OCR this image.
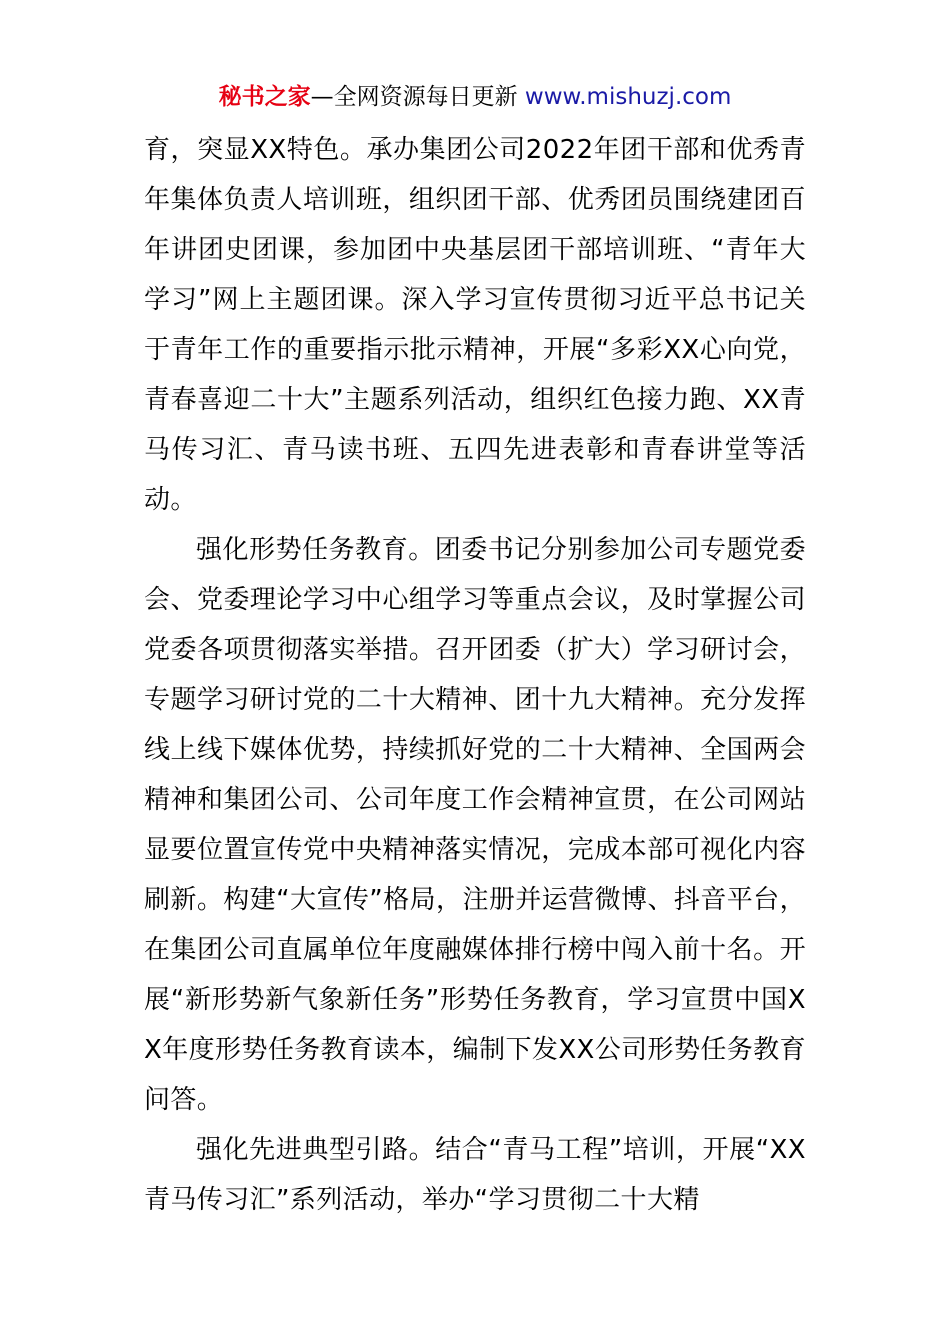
秘书之家—全网资源每日更新 www.mishuzj.com

育，突显XX特色。承办集团公司2022年团干部和优秀青年集体负责人培训班，组织团干部、优秀团员围绕建团百年讲团史团课，参加团中央基层团干部培训班、“青年大学习”网上主题团课。深入学习宣传贯彻习近平总书记关于青年工作的重要指示批示精神，开展“多彩XX心向党，青春喜迎二十大”主题系列活动，组织红色接力跑、XX青马传习汇、青马读书班、五四先进表彰和青春讲堂等活动。

强化形势任务教育。团委书记分别参加公司专题党委会、党委理论学习中心组学习等重点会议，及时掌握公司党委各项贯彻落实举措。召开团委（扩大）学习研讨会，专题学习研讨党的二十大精神、团十九大精神。充分发挥线上线下媒体优势，持续抓好党的二十大精神、全国两会精神和集团公司、公司年度工作会精神宣贯，在公司网站显要位置宣传党中央精神落实情况，完成本部可视化内容刷新。构建“大宣传”格局，注册并运营微博、抖音平台，在集团公司直属单位年度融媒体排行榜中闯入前十名。开展“新形势新气象新任务”形势任务教育，学习宣贯中国XX年度形势任务教育读本，编制下发XX公司形势任务教育问答。

强化先进典型引路。结合“青马工程”培训，开展“XX青马传习汇”系列活动，举办“学习贯彻二十大精
